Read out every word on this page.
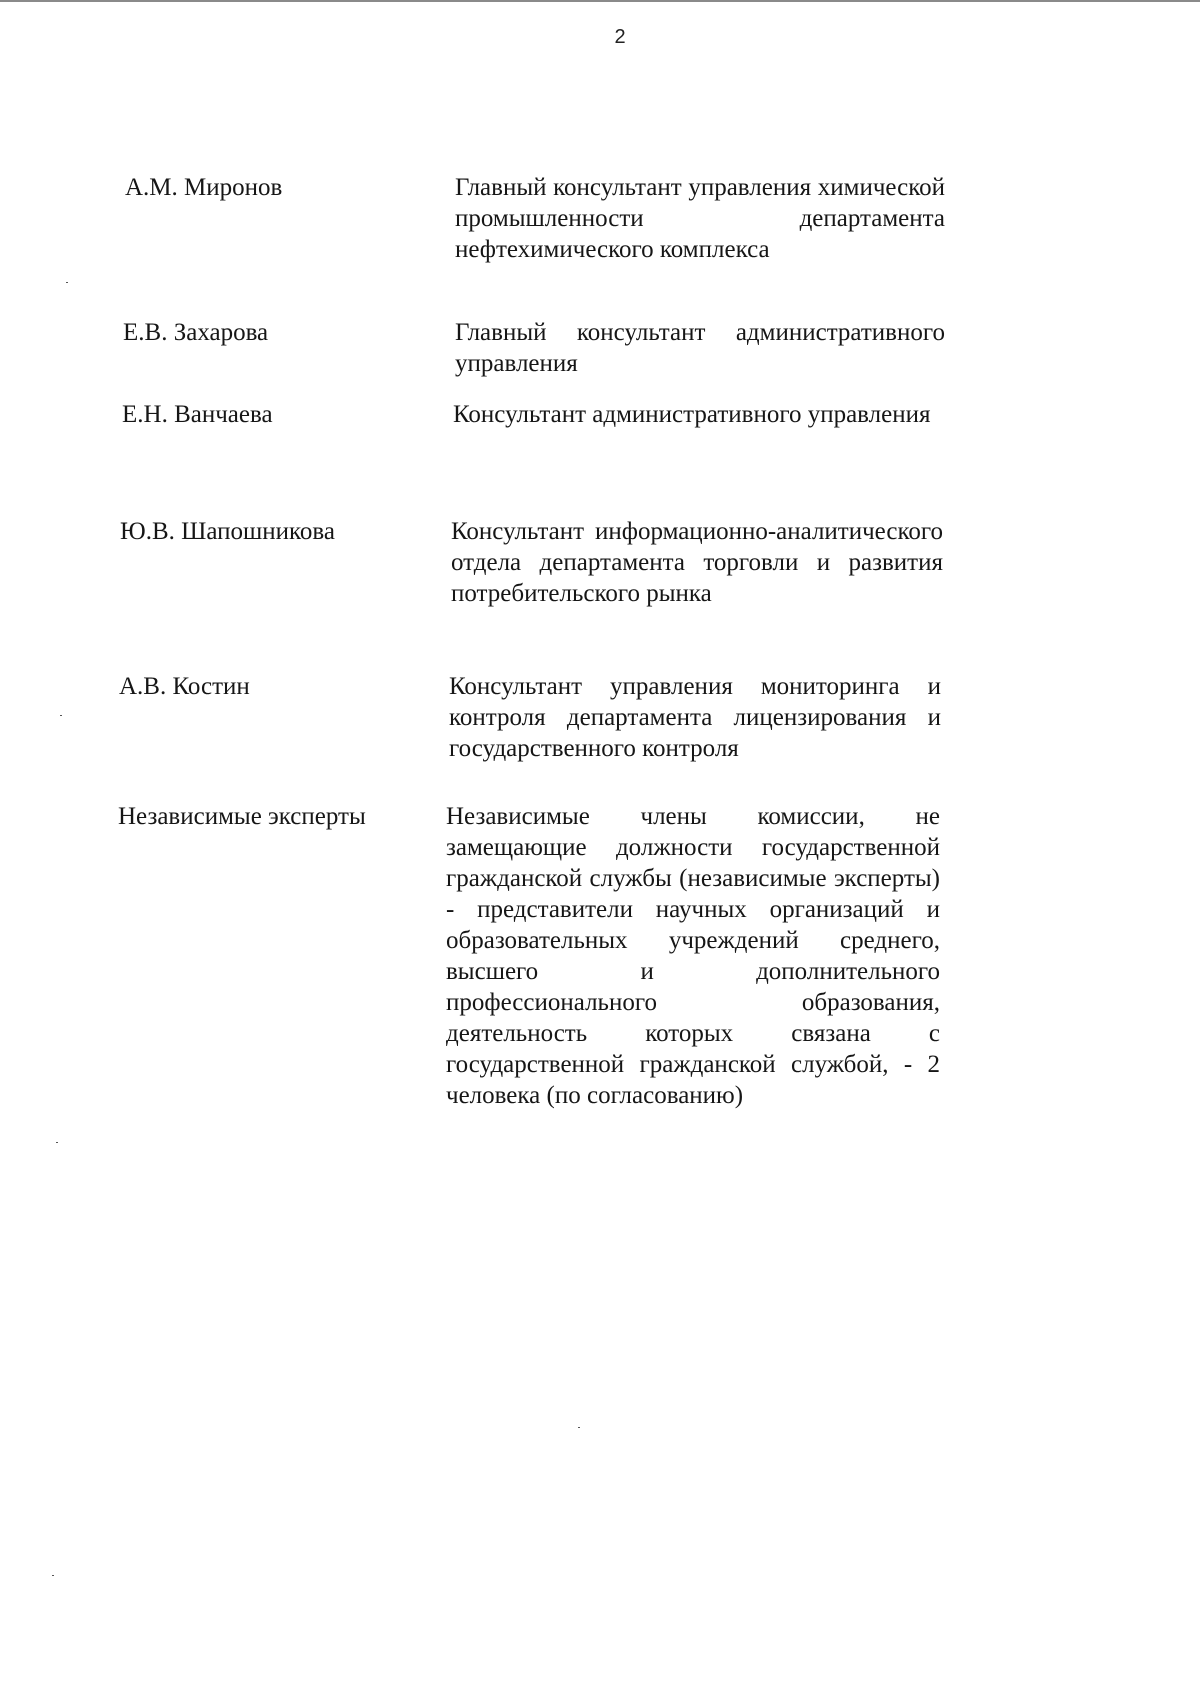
2
А.М. Миронов	Главный консультант управления химической промышленности департамента нефтехимического комплекса
Е.В. Захарова	Главный консультант административного управления
Е.Н. Ванчаева	Консультант административного управления
Ю.В. Шапошникова	Консультант информационно-аналитического отдела департамента торговли и развития потребительского рынка
А.В. Костин	Консультант управления мониторинга и контроля департамента лицензирования и государственного контроля
Независимые эксперты	Независимые члены комиссии, не замещающие должности государственной гражданской службы (независимые эксперты) - представители научных организаций и образовательных учреждений среднего, высшего и дополнительного профессионального образования, деятельность которых связана с государственной гражданской службой, - 2 человека (по согласованию)
